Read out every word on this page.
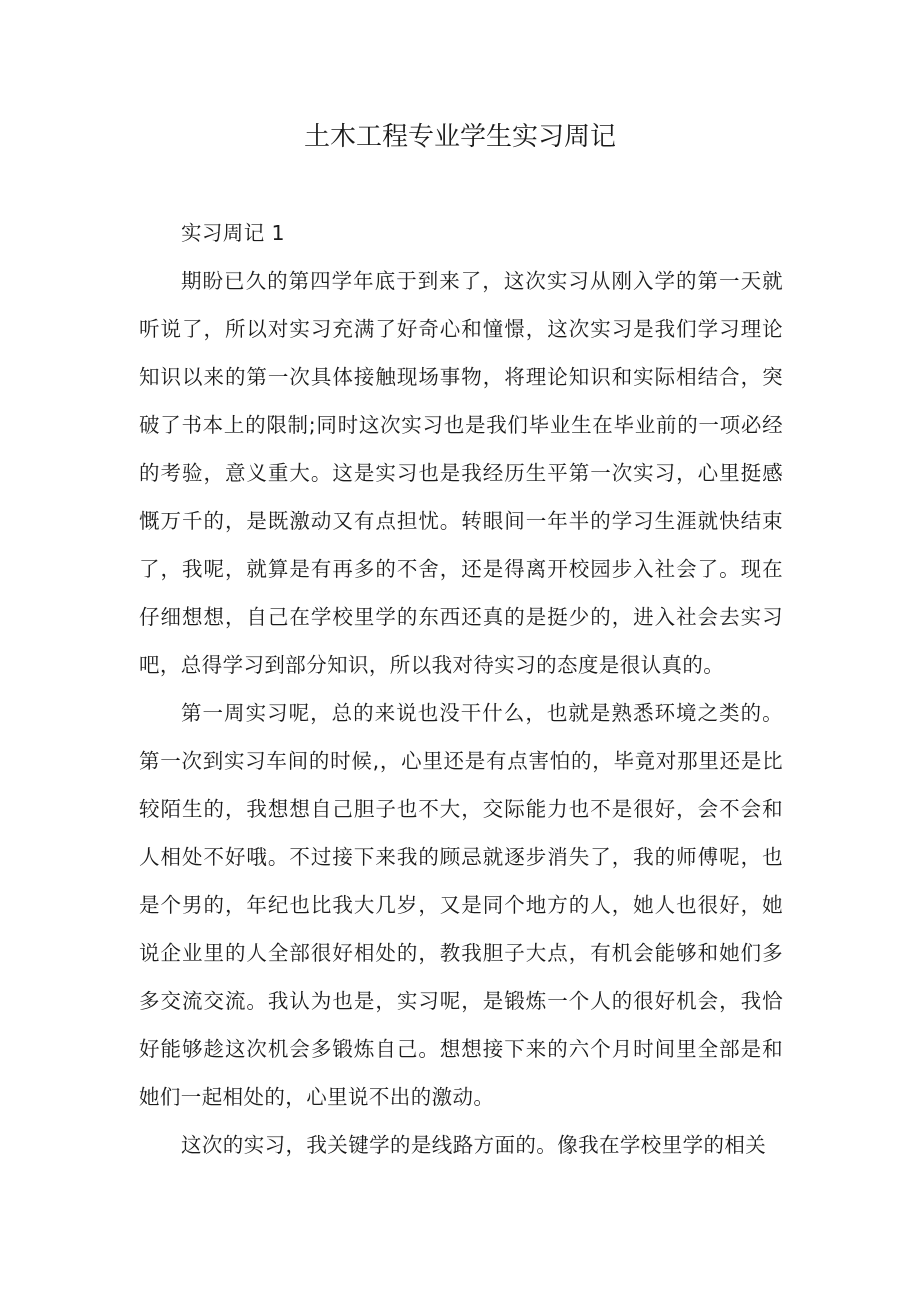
土木工程专业学生实习周记

实习周记 1

期盼已久的第四学年底于到来了，这次实习从刚入学的第一天就听说了，所以对实习充满了好奇心和憧憬，这次实习是我们学习理论知识以来的第一次具体接触现场事物，将理论知识和实际相结合，突破了书本上的限制;同时这次实习也是我们毕业生在毕业前的一项必经的考验，意义重大。这是实习也是我经历生平第一次实习，心里挺感慨万千的，是既激动又有点担忧。转眼间一年半的学习生涯就快结束了，我呢，就算是有再多的不舍，还是得离开校园步入社会了。现在仔细想想，自己在学校里学的东西还真的是挺少的，进入社会去实习吧，总得学习到部分知识，所以我对待实习的态度是很认真的。

第一周实习呢，总的来说也没干什么，也就是熟悉环境之类的。第一次到实习车间的时候,，心里还是有点害怕的，毕竟对那里还是比较陌生的，我想想自己胆子也不大，交际能力也不是很好，会不会和人相处不好哦。不过接下来我的顾忌就逐步消失了，我的师傅呢，也是个男的，年纪也比我大几岁，又是同个地方的人，她人也很好，她说企业里的人全部很好相处的，教我胆子大点，有机会能够和她们多多交流交流。我认为也是，实习呢，是锻炼一个人的很好机会，我恰好能够趁这次机会多锻炼自己。想想接下来的六个月时间里全部是和她们一起相处的，心里说不出的激动。

这次的实习，我关键学的是线路方面的。像我在学校里学的相关
